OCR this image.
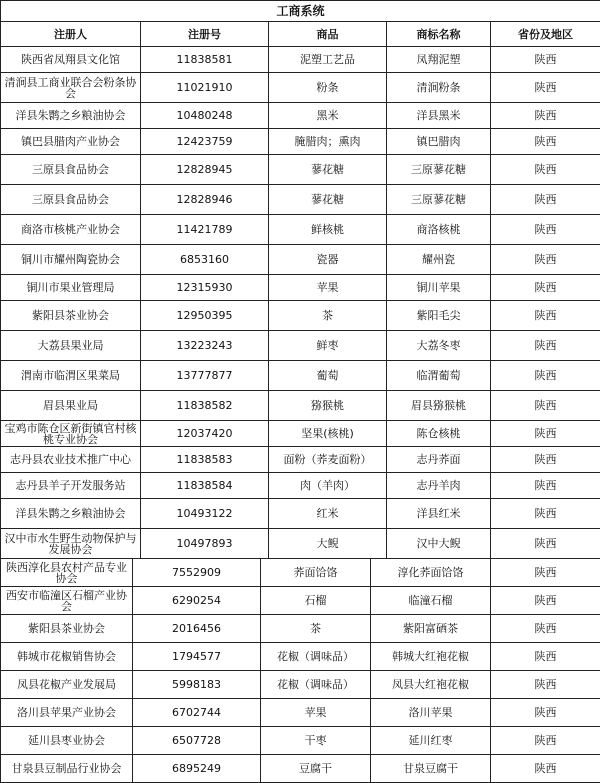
工商系统				
注册人	注册号	商品	商标名称	省份及地区
陕西省凤翔县文化馆	11838581	泥塑工艺品	凤翔泥塑	陕西
清涧县工商业联合会粉条协会	11021910	粉条	清涧粉条	陕西
洋县朱鹮之乡粮油协会	10480248	黑米	洋县黑米	陕西
镇巴县腊肉产业协会	12423759	腌腊肉；熏肉	镇巴腊肉	陕西
三原县食品协会	12828945	蓼花糖	三原蓼花糖	陕西
三原县食品协会	12828946	蓼花糖	三原蓼花糖	陕西
商洛市核桃产业协会	11421789	鲜核桃	商洛核桃	陕西
铜川市耀州陶瓷协会	6853160	瓷器	耀州瓷	陕西
铜川市果业管理局	12315930	苹果	铜川苹果	陕西
紫阳县茶业协会	12950395	茶	紫阳毛尖	陕西
大荔县果业局	13223243	鲜枣	大荔冬枣	陕西
渭南市临渭区果菜局	13777877	葡萄	临渭葡萄	陕西
眉县果业局	11838582	猕猴桃	眉县猕猴桃	陕西
宝鸡市陈仓区新街镇官村核桃专业协会	12037420	坚果(核桃)	陈仓核桃	陕西
志丹县农业技术推广中心	11838583	面粉（荞麦面粉）	志丹荞面	陕西
志丹县羊子开发服务站	11838584	肉（羊肉）	志丹羊肉	陕西
洋县朱鹮之乡粮油协会	10493122	红米	洋县红米	陕西
汉中市水生野生动物保护与发展协会	10497893	大鲵	汉中大鲵	陕西
陕西淳化县农村产品专业协会	7552909	荞面饸饹	淳化荞面饸饹	陕西
西安市临潼区石榴产业协会	6290254	石榴	临潼石榴	陕西
紫阳县茶业协会	2016456	茶	紫阳富硒茶	陕西
韩城市花椒销售协会	1794577	花椒（调味品）	韩城大红袍花椒	陕西
凤县花椒产业发展局	5998183	花椒（调味品）	凤县大红袍花椒	陕西
洛川县苹果产业协会	6702744	苹果	洛川苹果	陕西
延川县枣业协会	6507728	干枣	延川红枣	陕西
甘泉县豆制品行业协会	6895249	豆腐干	甘泉豆腐干	陕西
